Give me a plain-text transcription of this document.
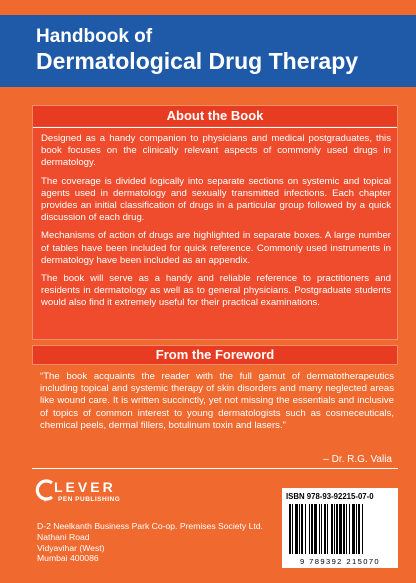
Handbook of
Dermatological Drug Therapy
About the Book

Designed as a handy companion to physicians and medical postgraduates, this book focuses on the clinically relevant aspects of commonly used drugs in dermatology.

The coverage is divided logically into separate sections on systemic and topical agents used in dermatology and sexually transmitted infections. Each chapter provides an initial classification of drugs in a particular group followed by a quick discussion of each drug.

Mechanisms of action of drugs are highlighted in separate boxes. A large number of tables have been included for quick reference. Commonly used instruments in dermatology have been included as an appendix.

The book will serve as a handy and reliable reference to practitioners and residents in dermatology as well as to general physicians. Postgraduate students would also find it extremely useful for their practical examinations.

From the Foreword
“The book acquaints the reader with the full gamut of dermatotherapeutics including topical and systemic therapy of skin disorders and many neglected areas like wound care. It is written succinctly, yet not missing the essentials and inclusive of topics of common interest to young dermatologists such as cosmeceuticals, chemical peels, dermal fillers, botulinum toxin and lasers.”
– Dr. R.G. Valia
LEVER
PEN PUBLISHING
D-2 Neelkanth Business Park Co-op. Premises Society Ltd.
Nathani Road
Vidyavihar (West)
Mumbai 400086
ISBN 978-93-92215-07-0
9 789392 215070
